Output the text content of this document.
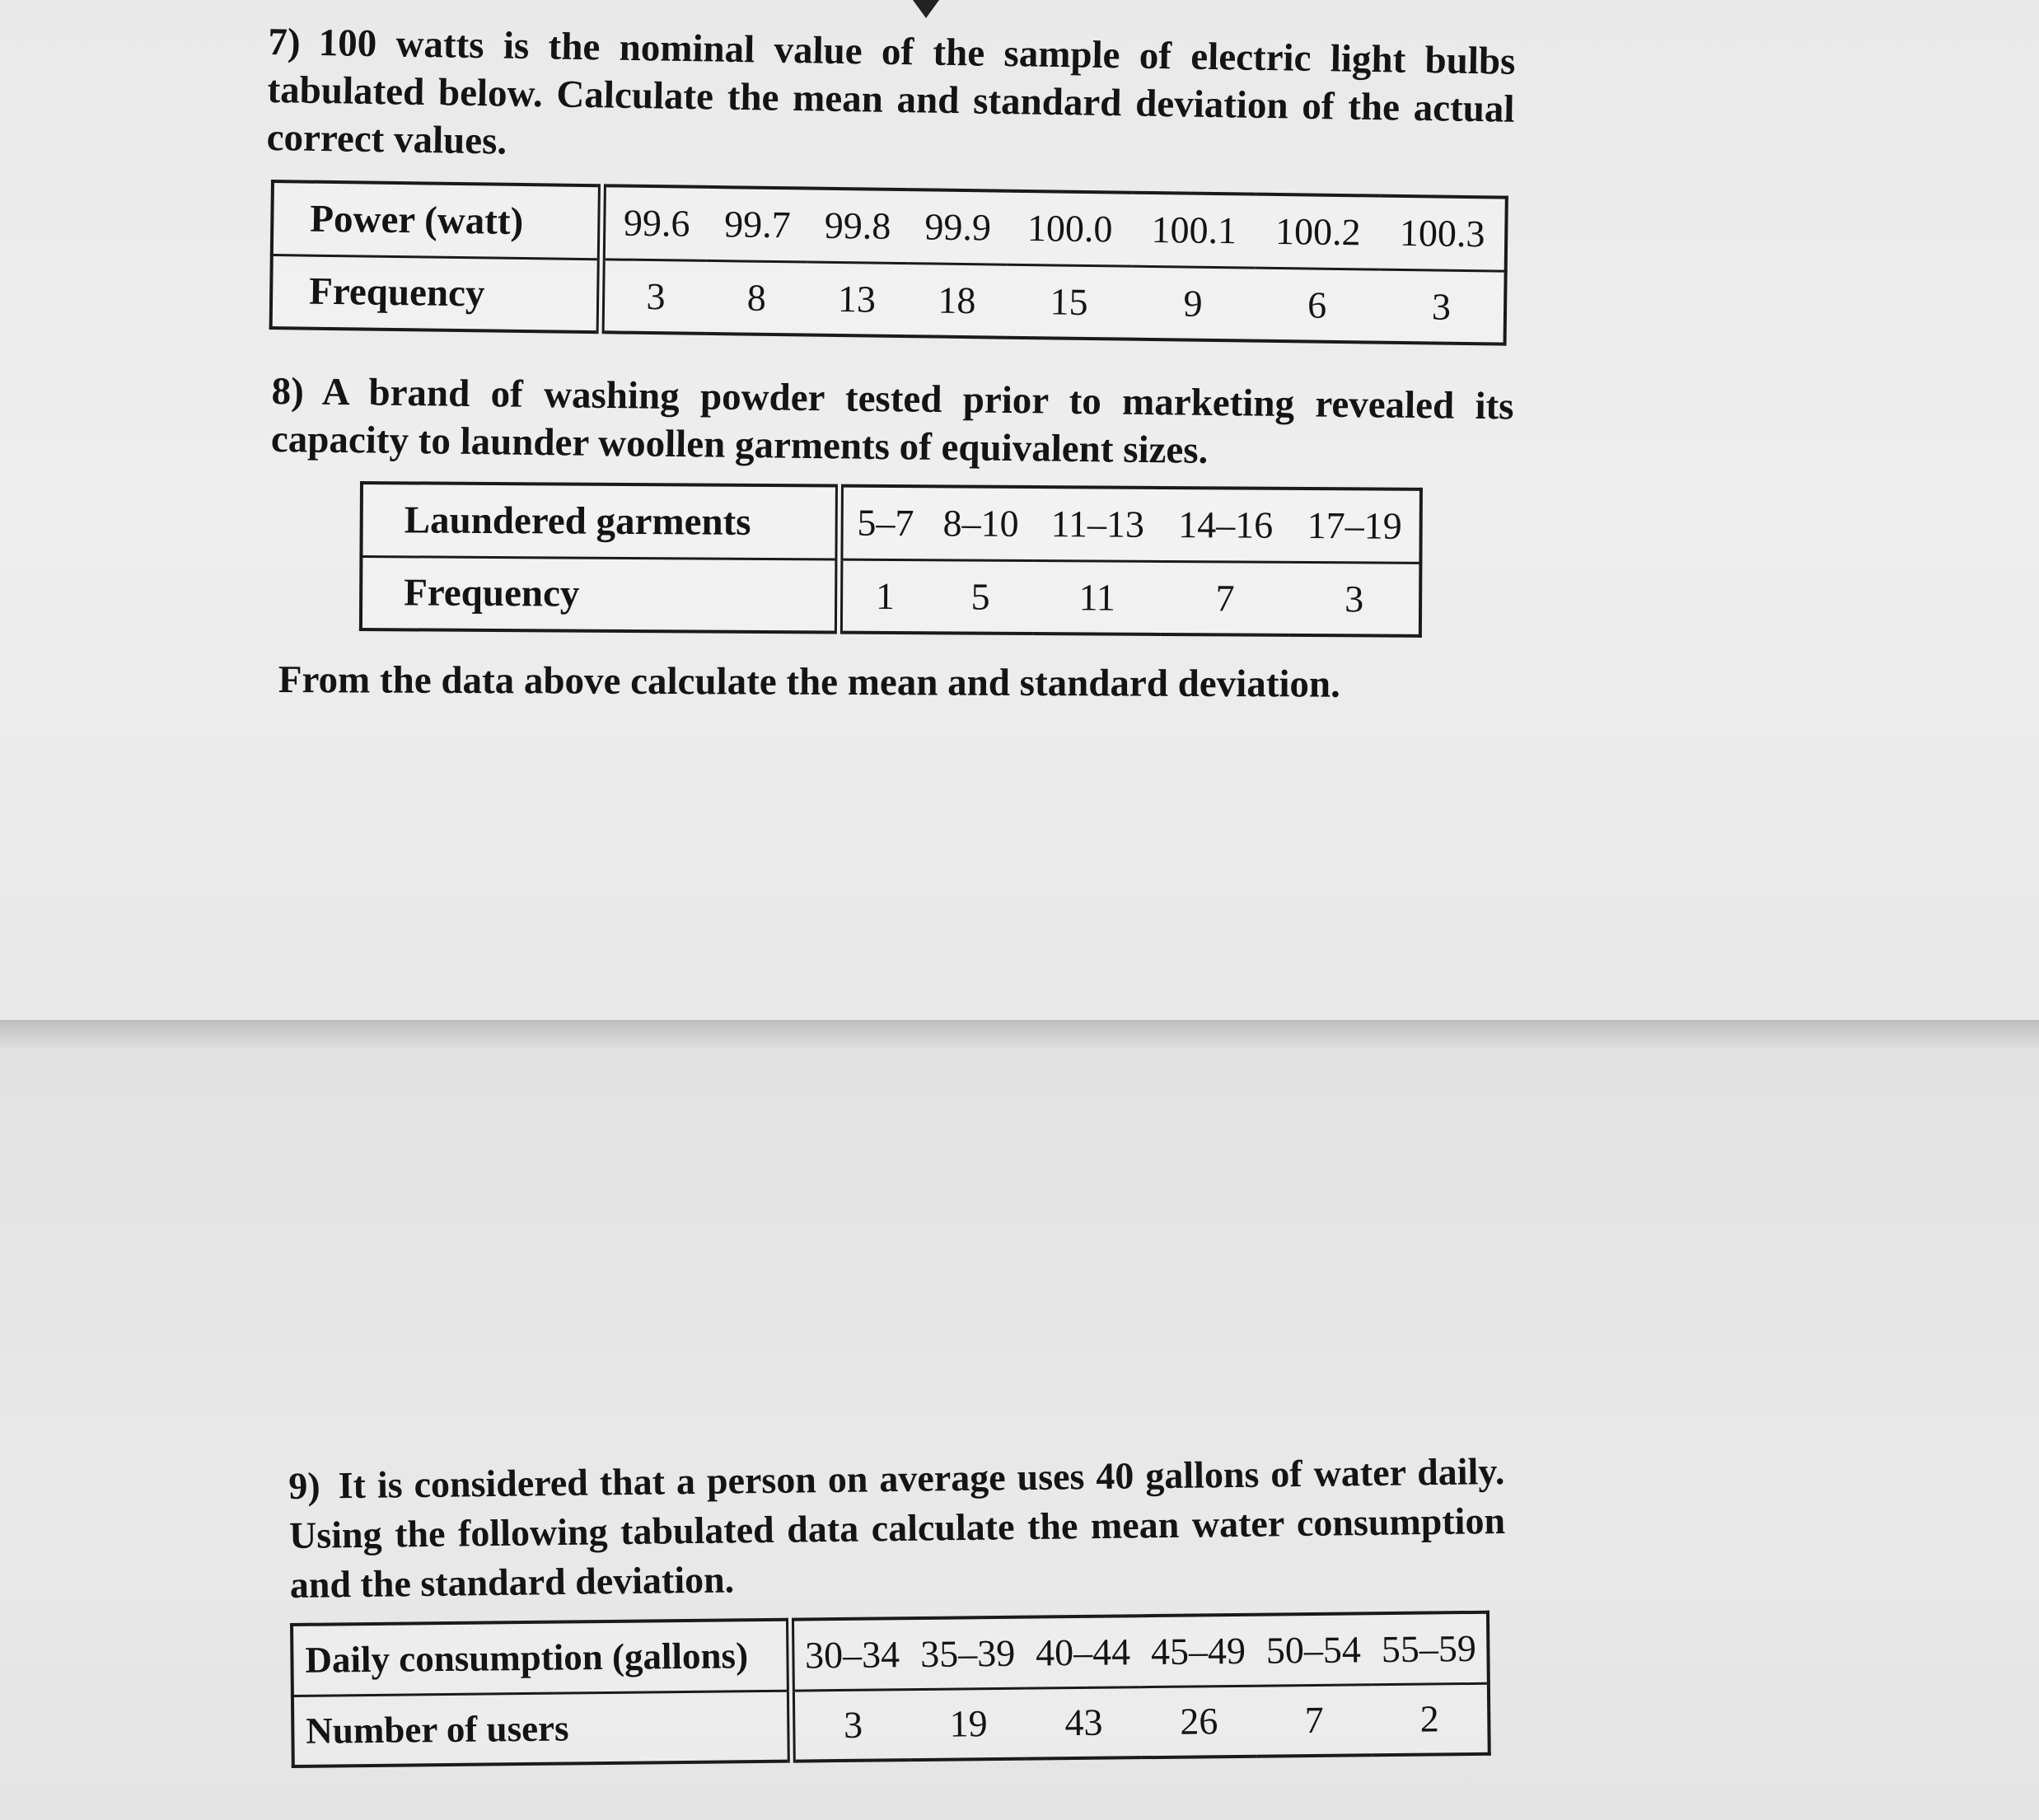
7) 100 watts is the nominal value of the sample of electric light bulbs tabulated below. Calculate the mean and standard deviation of the actual correct values.

Power (watt)	99.6	99.7	99.8	99.9	100.0	100.1	100.2	100.3
Frequency	3	8	13	18	15	9	6	3

8) A brand of washing powder tested prior to marketing revealed its capacity to launder woollen garments of equivalent sizes.

Laundered garments	5–7	8–10	11–13	14–16	17–19
Frequency	1	5	11	7	3

From the data above calculate the mean and standard deviation.

9) It is considered that a person on average uses 40 gallons of water daily. Using the following tabulated data calculate the mean water consumption and the standard deviation.

Daily consumption (gallons)	30–34	35–39	40–44	45–49	50–54	55–59
Number of users	3	19	43	26	7	2
